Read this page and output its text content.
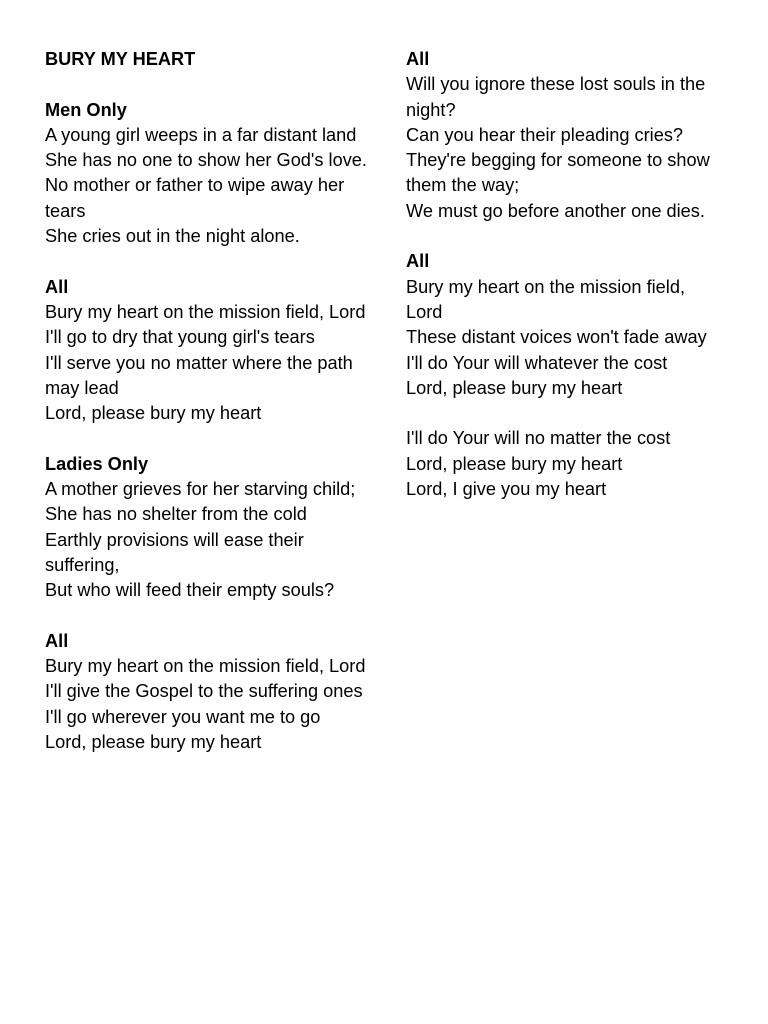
BURY MY HEART

Men Only

A young girl weeps in a far distant land
She has no one to show her God's love.
No mother or father to wipe away her tears
She cries out in the night alone.

All

Bury my heart on the mission field, Lord
I'll go to dry that young girl's tears
I'll serve you no matter where the path may lead
Lord, please bury my heart

Ladies Only

A mother grieves for her starving child;
She has no shelter from the cold
Earthly provisions will ease their suffering,
But who will feed their empty souls?

All

Bury my heart on the mission field, Lord
I'll give the Gospel to the suffering ones
I'll go wherever you want me to go
Lord, please bury my heart

All

Will you ignore these lost souls in the night?
Can you hear their pleading cries?
They're begging for someone to show them the way;
We must go before another one dies.

All

Bury my heart on the mission field, Lord
These distant voices won't fade away
I'll do Your will whatever the cost
Lord, please bury my heart
I'll do Your will no matter the cost
Lord, please bury my heart
Lord, I give you my heart
